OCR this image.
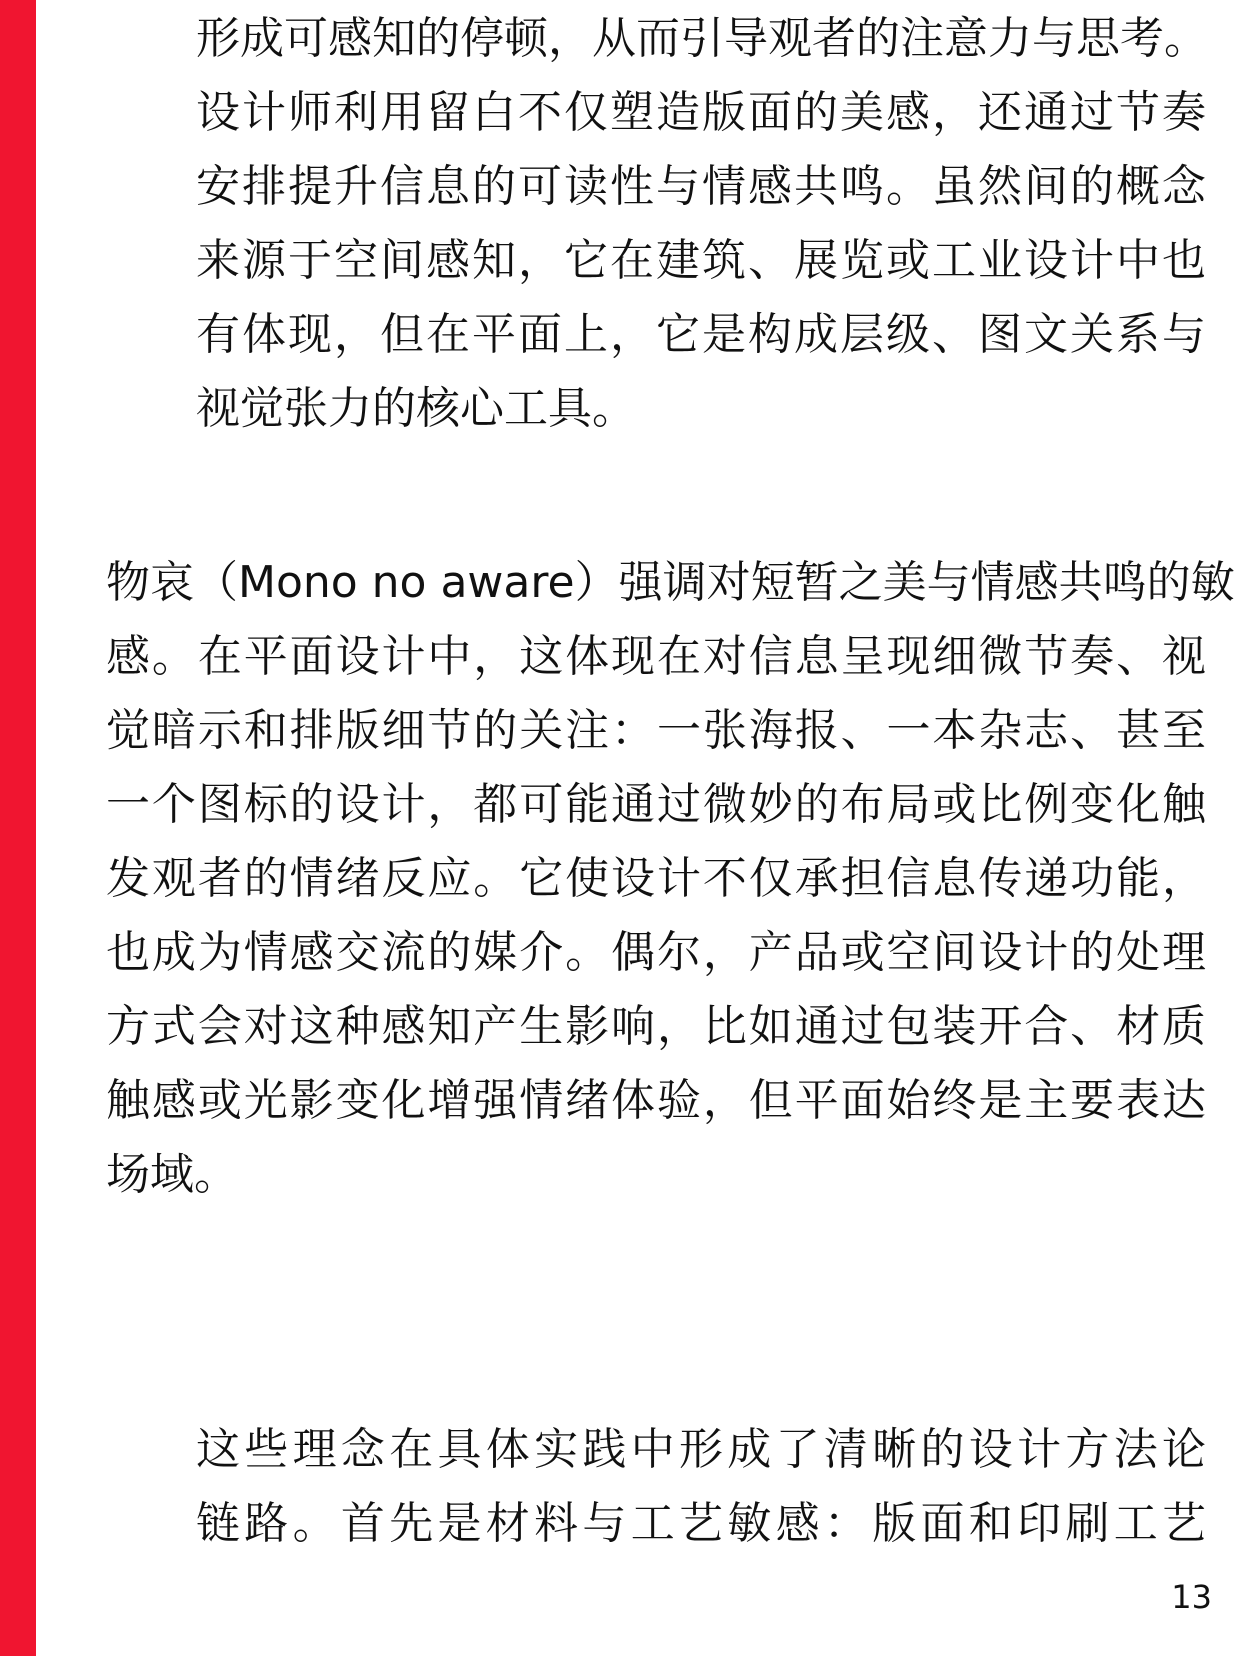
形成可感知的停顿，从而引导观者的注意力与思考。
设计师利用留白不仅塑造版面的美感，还通过节奏
安排提升信息的可读性与情感共鸣。虽然间的概念
来源于空间感知，它在建筑、展览或工业设计中也
有体现，但在平面上，它是构成层级、图文关系与
视觉张力的核心工具。

物哀（Mono no aware）强调对短暂之美与情感共鸣的敏
感。在平面设计中，这体现在对信息呈现细微节奏、视
觉暗示和排版细节的关注：一张海报、一本杂志、甚至
一个图标的设计，都可能通过微妙的布局或比例变化触
发观者的情绪反应。它使设计不仅承担信息传递功能，
也成为情感交流的媒介。偶尔，产品或空间设计的处理
方式会对这种感知产生影响，比如通过包装开合、材质
触感或光影变化增强情绪体验，但平面始终是主要表达
场域。

这些理念在具体实践中形成了清晰的设计方法论
链路。首先是材料与工艺敏感：版面和印刷工艺

13
